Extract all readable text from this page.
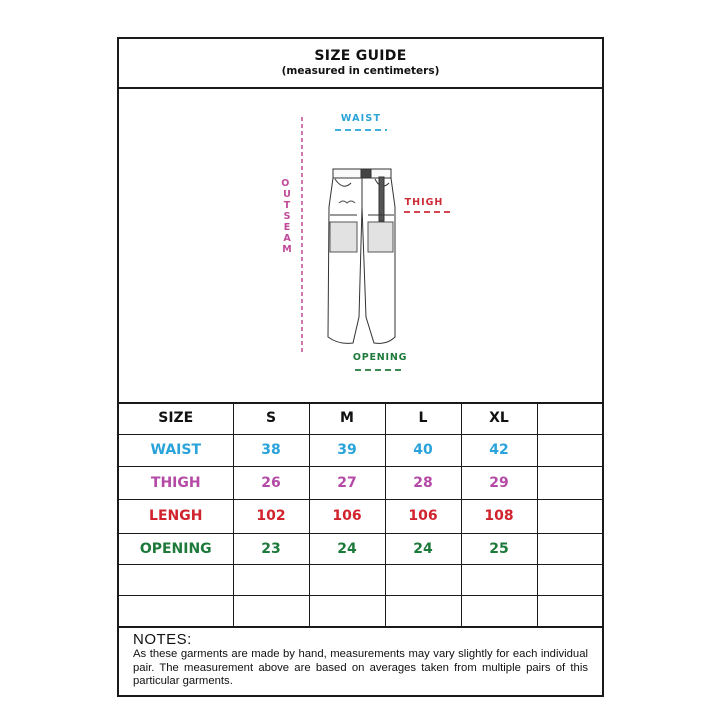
SIZE GUIDE
(measured in centimeters)
WAIST
O U T S E A M
THIGH
OPENING
SIZE	S	M	L	XL	
WAIST	38	39	40	42	
THIGH	26	27	28	29	
LENGH	102	106	106	108	
OPENING	23	24	24	25	

NOTES:
As these garments are made by hand, measurements may vary slightly for each individual pair. The measurement above are based on averages taken from multiple pairs of this particular garments.
